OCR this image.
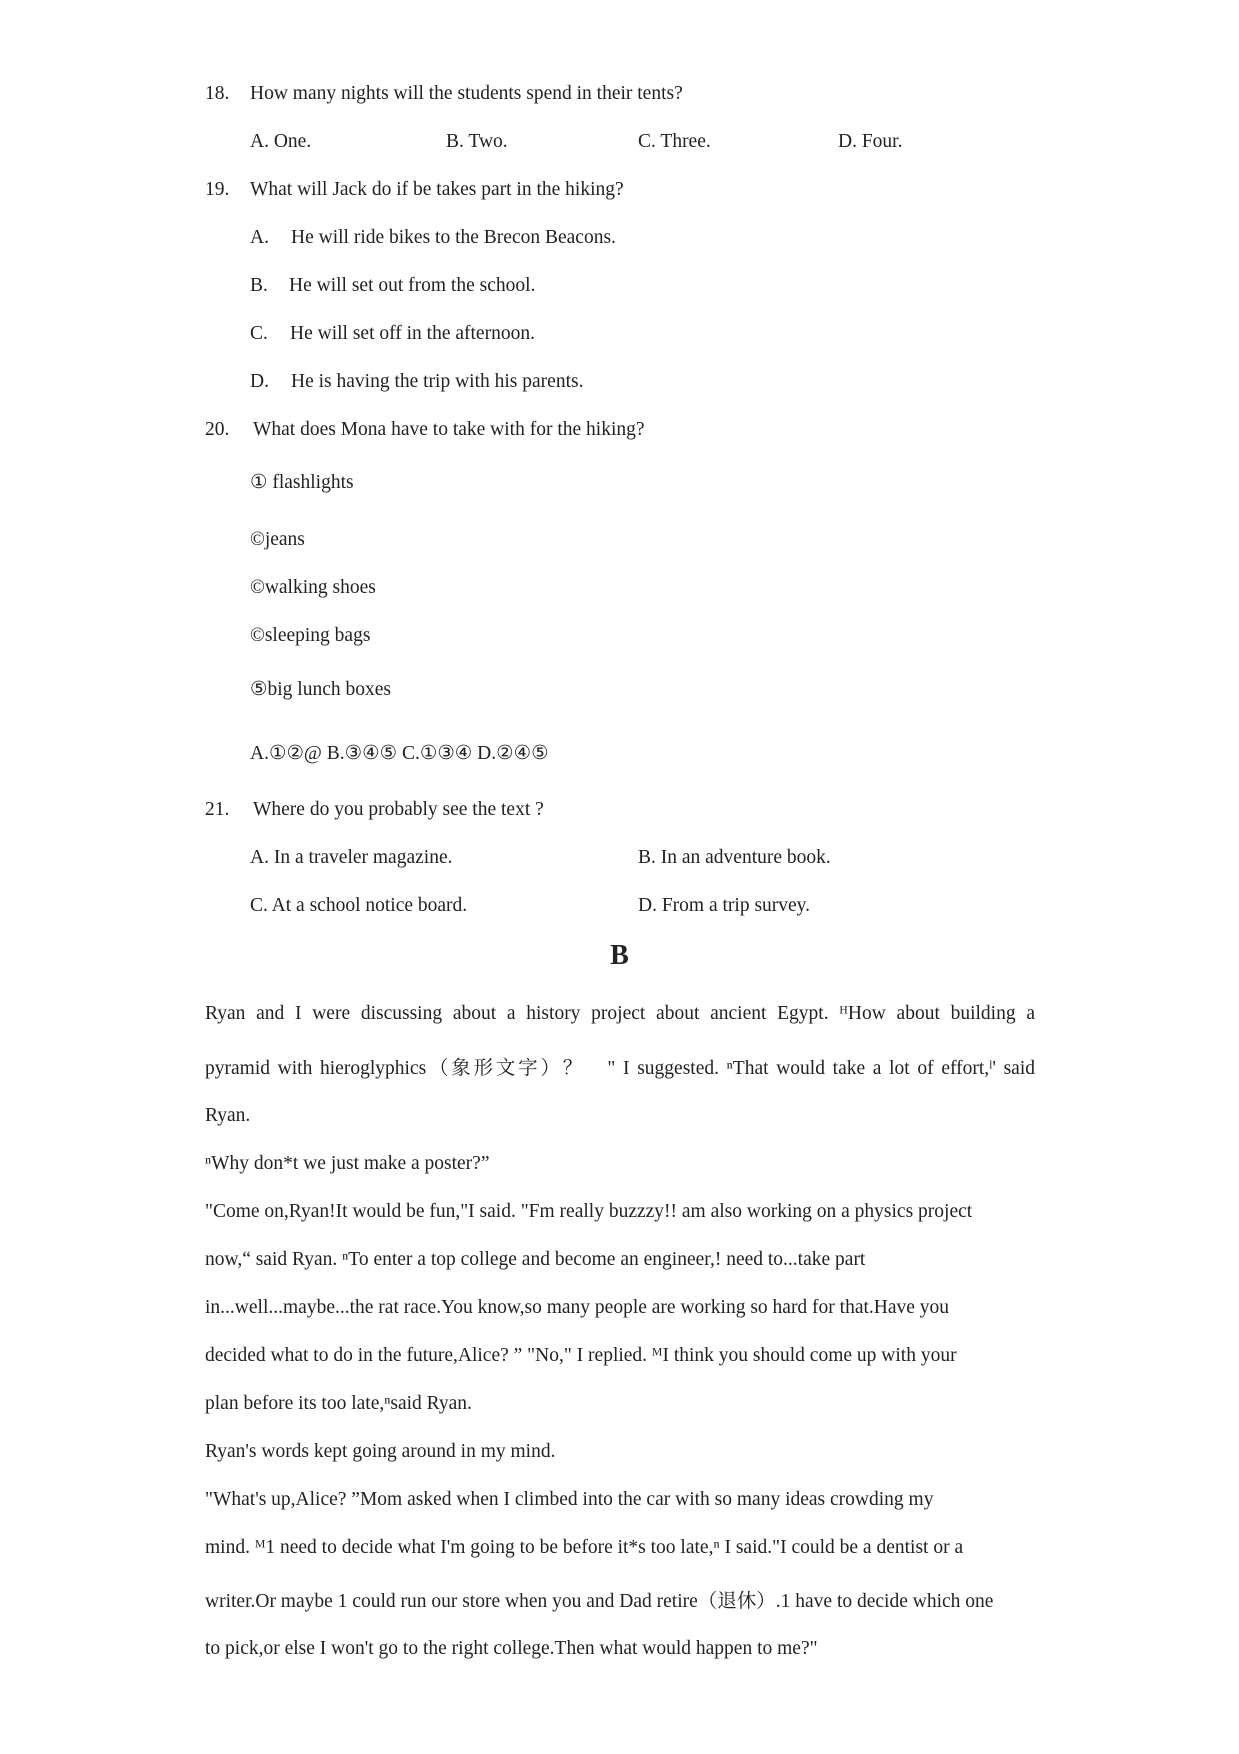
18. How many nights will the students spend in their tents?
A. One.	B. Two.	C. Three.	D. Four.
19. What will Jack do if be takes part in the hiking?
A. He will ride bikes to the Brecon Beacons.
B. He will set out from the school.
C. He will set off in the afternoon.
D. He is having the trip with his parents.
20. What does Mona have to take with for the hiking?
① flashlights
©jeans
©walking shoes
©sleeping bags
⑤big lunch boxes
A.①②@ B.③④⑤ C.①③④ D.②④⑤
21. Where do you probably see the text ?
A. In a traveler magazine.	B. In an adventure book.
C. At a school notice board.	D. From a trip survey.
B
Ryan and I were discussing about a history project about ancient Egypt. ᴴHow about building a
pyramid with hieroglyphics（象形文字）？　" I suggested. ⁿThat would take a lot of effort,ˡ' said
Ryan.
ⁿWhy don*t we just make a poster?”
"Come on,Ryan!It would be fun,"I said. "Fm really buzzzy!! am also working on a physics project
now,“ said Ryan. ⁿTo enter a top college and become an engineer,! need to...take part
in...well...maybe...the rat race.You know,so many people are working so hard for that.Have you
decided what to do in the future,Alice? ” "No," I replied. ᴹI think you should come up with your
plan before its too late,ⁿsaid Ryan.
Ryan's words kept going around in my mind.
"What's up,Alice? ”Mom asked when I climbed into the car with so many ideas crowding my
mind. ᴹ1 need to decide what I'm going to be before it*s too late,ⁿ I said."I could be a dentist or a
writer.Or maybe 1 could run our store when you and Dad retire（退休）.1 have to decide which one
to pick,or else I won't go to the right college.Then what would happen to me?"
